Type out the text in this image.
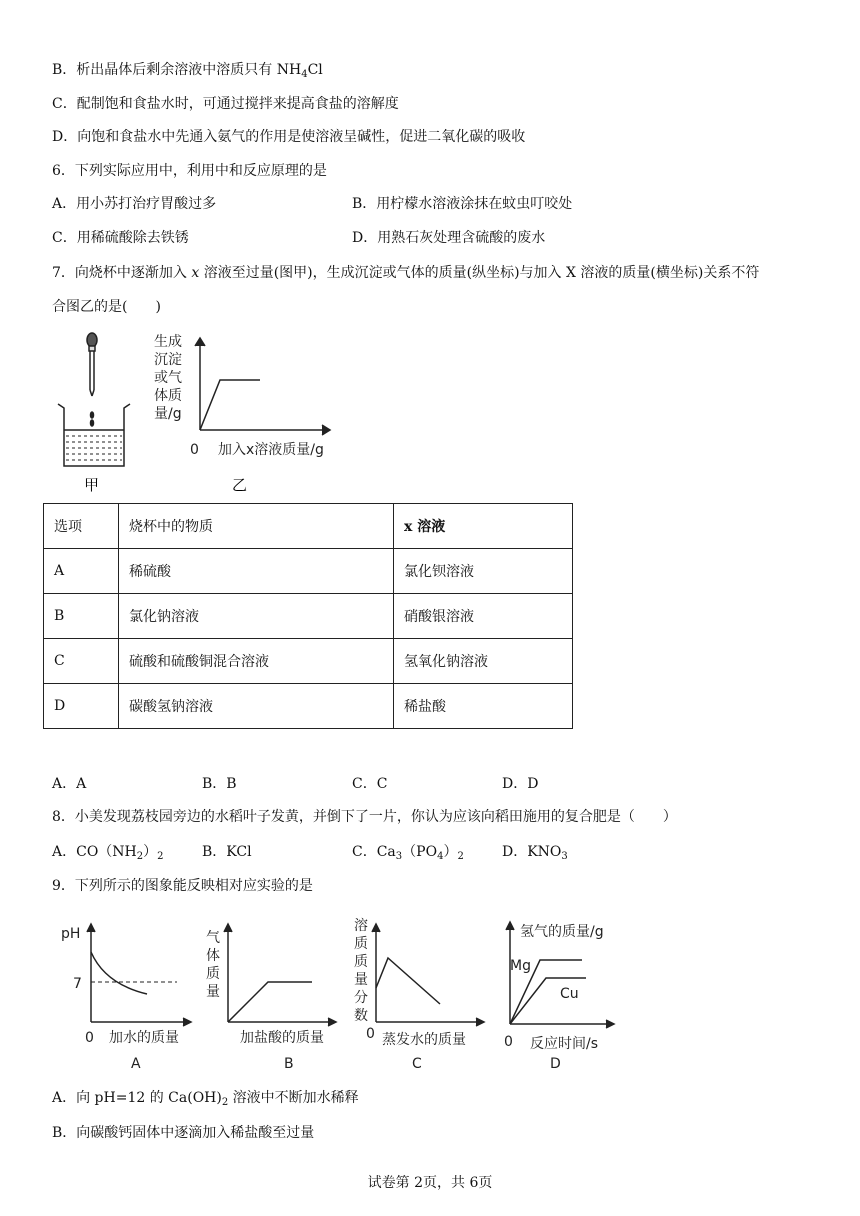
B．析出晶体后剩余溶液中溶质只有 $NH_4Cl$
C．配制饱和食盐水时，可通过搅拌来提高食盐的溶解度
D．向饱和食盐水中先通入氨气的作用是使溶液呈碱性，促进二氧化碳的吸收
6．下列实际应用中，利用中和反应原理的是
A．用小苏打治疗胃酸过多	B．用柠檬水溶液涂抹在蚊虫叮咬处
C．用稀硫酸除去铁锈	D．用熟石灰处理含硫酸的废水
7．向烧杯中逐渐加入 x 溶液至过量(图甲)，生成沉淀或气体的质量(纵坐标)与加入 X 溶液的质量(横坐标)关系不符
合图乙的是(　　)
甲
生成
沉淀
或气
体质
量/g
0 加入x溶液质量/g
乙
选项	烧杯中的物质	x 溶液
A	稀硫酸	氯化钡溶液
B	氯化钠溶液	硝酸银溶液
C	硫酸和硫酸铜混合溶液	氢氧化钠溶液
D	碳酸氢钠溶液	稀盐酸
A．A	B．B	C．C	D．D
8．小美发现荔枝园旁边的水稻叶子发黄，并倒下了一片，你认为应该向稻田施用的复合肥是（　　）
A．$CO(NH_2)_2$	B．KCl	C．$Ca_3(PO_4)_2$	D．$KNO_3$
9．下列所示的图象能反映相对应实验的是
pH
7
0 加水的质量
A
气
体
质
量
加盐酸的质量
B
溶
质
质
量
分
数
0 蒸发水的质量
C
氢气的质量/g
Mg
Cu
0 反应时间/s
D
A．向 pH=12 的 $Ca(OH)_2$ 溶液中不断加水稀释
B．向碳酸钙固体中逐滴加入稀盐酸至过量
试卷第 2页，共 6页
